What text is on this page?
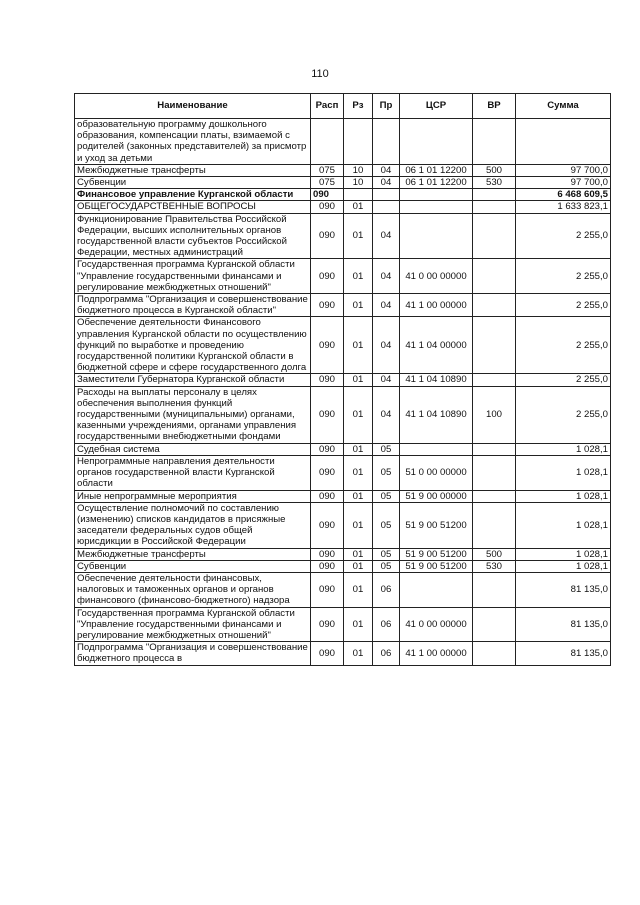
110
Наименование	Расп	Рз	Пр	ЦСР	ВР	Сумма
образовательную программу дошкольного образования, компенсации платы, взимаемой с родителей (законных представителей) за присмотр и уход за детьми						
Межбюджетные трансферты	075	10	04	06 1 01 12200	500	97 700,0
Субвенции	075	10	04	06 1 01 12200	530	97 700,0
Финансовое управление Курганской области	090					6 468 609,5
ОБЩЕГОСУДАРСТВЕННЫЕ ВОПРОСЫ	090	01				1 633 823,1
Функционирование Правительства Российской Федерации, высших исполнительных органов государственной власти субъектов Российской Федерации, местных администраций	090	01	04			2 255,0
Государственная программа Курганской области "Управление государственными финансами и регулирование межбюджетных отношений"	090	01	04	41 0 00 00000		2 255,0
Подпрограмма "Организация и совершенствование бюджетного процесса в Курганской области"	090	01	04	41 1 00 00000		2 255,0
Обеспечение деятельности Финансового управления Курганской области по осуществлению функций по выработке и проведению государственной политики Курганской области в бюджетной сфере и сфере государственного долга	090	01	04	41 1 04 00000		2 255,0
Заместители Губернатора Курганской области	090	01	04	41 1 04 10890		2 255,0
Расходы на выплаты персоналу в целях обеспечения выполнения функций государственными (муниципальными) органами, казенными учреждениями, органами управления государственными внебюджетными фондами	090	01	04	41 1 04 10890	100	2 255,0
Судебная система	090	01	05			1 028,1
Непрограммные направления деятельности органов государственной власти Курганской области	090	01	05	51 0 00 00000		1 028,1
Иные непрограммные мероприятия	090	01	05	51 9 00 00000		1 028,1
Осуществление полномочий по составлению (изменению) списков кандидатов в присяжные заседатели федеральных судов общей юрисдикции в Российской Федерации	090	01	05	51 9 00 51200		1 028,1
Межбюджетные трансферты	090	01	05	51 9 00 51200	500	1 028,1
Субвенции	090	01	05	51 9 00 51200	530	1 028,1
Обеспечение деятельности финансовых, налоговых и таможенных органов и органов финансового (финансово-бюджетного) надзора	090	01	06			81 135,0
Государственная программа Курганской области "Управление государственными финансами и регулирование межбюджетных отношений"	090	01	06	41 0 00 00000		81 135,0
Подпрограмма "Организация и совершенствование бюджетного процесса в	090	01	06	41 1 00 00000		81 135,0
